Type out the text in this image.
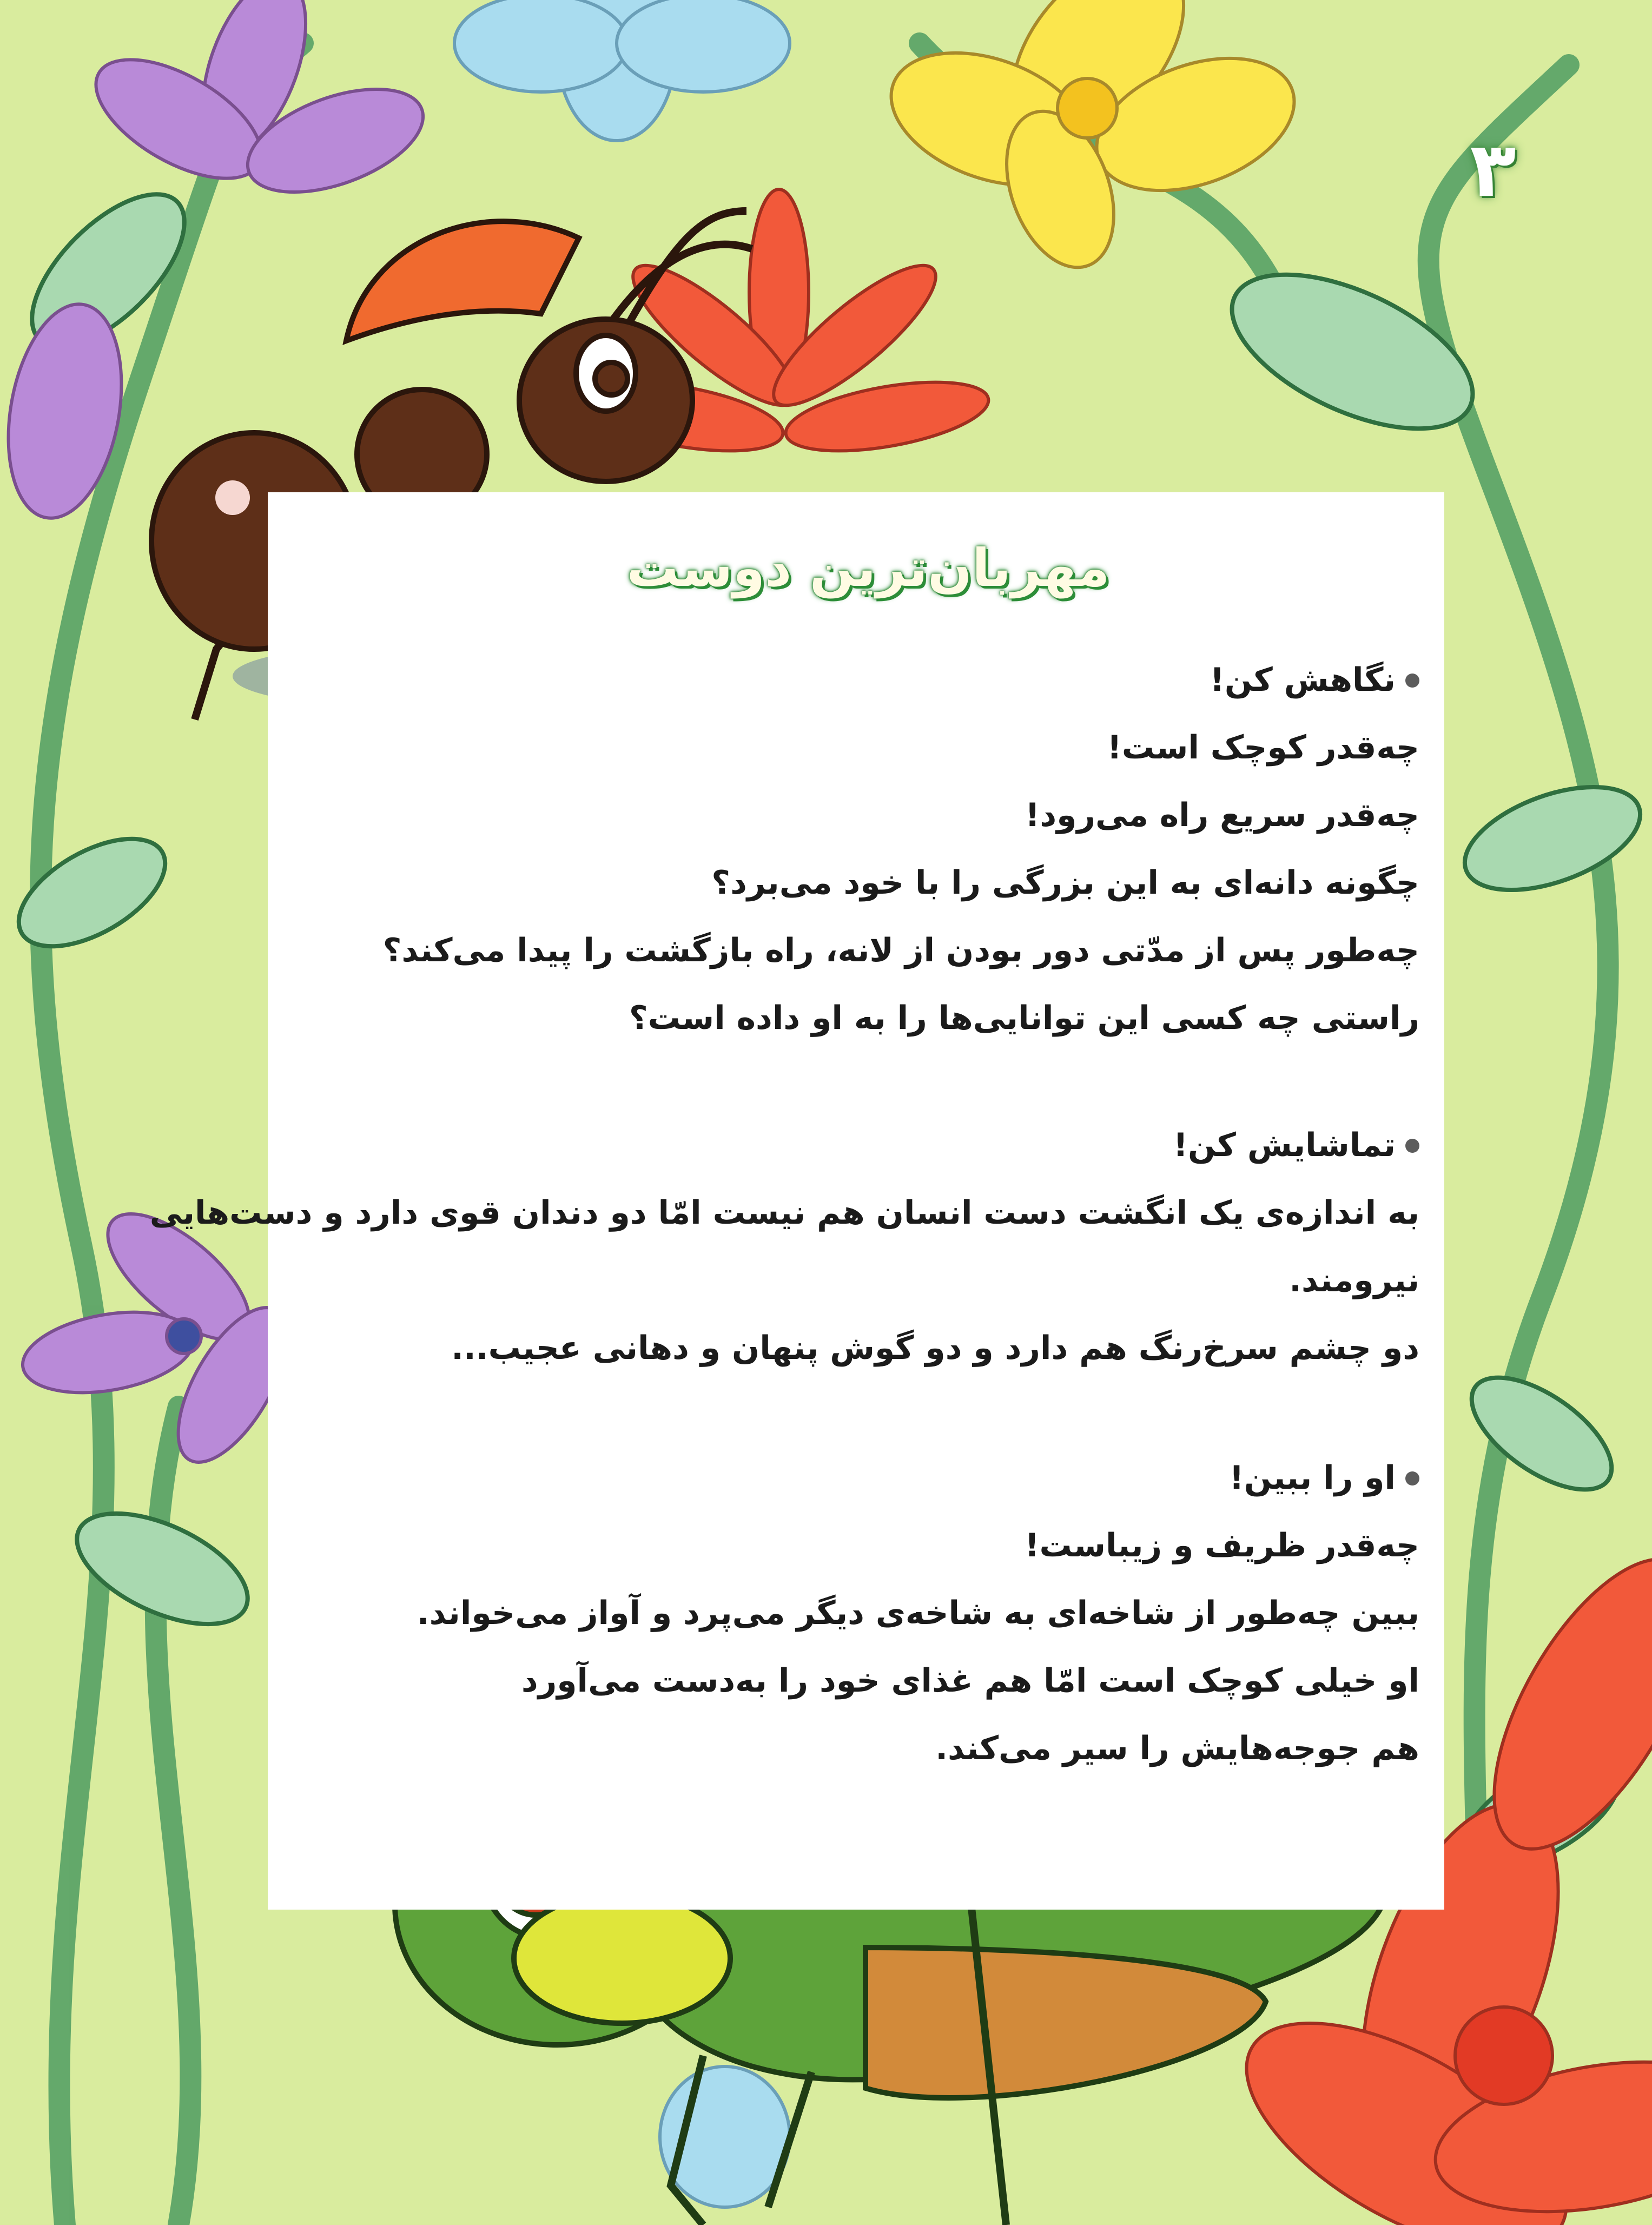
۳
مهربان‌ترین دوست
نگاهش کن!
چه‌قدر کوچک است!
چه‌قدر سریع راه می‌رود!
چگونه دانه‌ای به این بزرگی را با خود می‌برد؟
چه‌طور پس از مدّتی دور بودن از لانه، راه بازگشت را پیدا می‌کند؟
راستی چه کسی این توانایی‌ها را به او داده است؟
تماشایش کن!
به اندازه‌ی یک انگشت دست انسان هم نیست امّا دو دندان قوی دارد و دست‌هایی
نیرومند.
دو چشم سرخ‌رنگ هم دارد و دو گوش پنهان و دهانی عجیب...
او را ببین!
چه‌قدر ظریف و زیباست!
ببین چه‌طور از شاخه‌ای به شاخه‌ی دیگر می‌پرد و آواز می‌خواند.
او خیلی کوچک است امّا هم غذای خود را به‌دست می‌آورد
هم جوجه‌هایش را سیر می‌کند.
